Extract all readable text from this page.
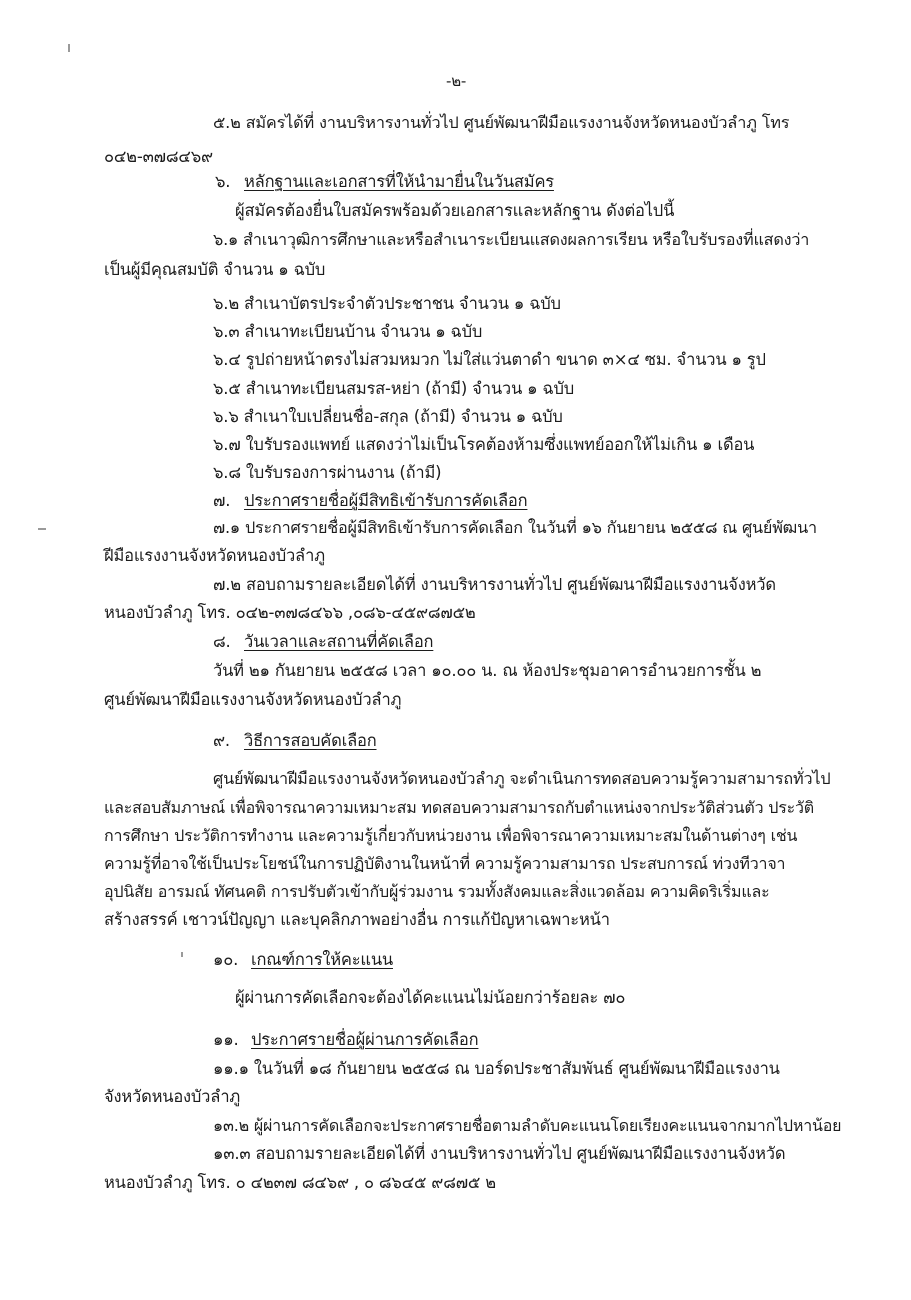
-๒-
๕.๒ สมัครได้ที่ งานบริหารงานทั่วไป ศูนย์พัฒนาฝีมือแรงงานจังหวัดหนองบัวลำภู โทร
๐๔๒-๓๗๘๔๖๙
๖. หลักฐานและเอกสารที่ให้นำมายื่นในวันสมัคร
ผู้สมัครต้องยื่นใบสมัครพร้อมด้วยเอกสารและหลักฐาน ดังต่อไปนี้
๖.๑ สำเนาวุฒิการศึกษาและหรือสำเนาระเบียนแสดงผลการเรียน หรือใบรับรองที่แสดงว่า
เป็นผู้มีคุณสมบัติ จำนวน ๑ ฉบับ
๖.๒ สำเนาบัตรประจำตัวประชาชน จำนวน ๑ ฉบับ
๖.๓ สำเนาทะเบียนบ้าน จำนวน ๑ ฉบับ
๖.๔ รูปถ่ายหน้าตรงไม่สวมหมวก ไม่ใส่แว่นตาดำ ขนาด ๓×๔ ซม. จำนวน ๑ รูป
๖.๕ สำเนาทะเบียนสมรส-หย่า (ถ้ามี) จำนวน ๑ ฉบับ
๖.๖ สำเนาใบเปลี่ยนชื่อ-สกุล (ถ้ามี) จำนวน ๑ ฉบับ
๖.๗ ใบรับรองแพทย์ แสดงว่าไม่เป็นโรคต้องห้ามซึ่งแพทย์ออกให้ไม่เกิน ๑ เดือน
๖.๘ ใบรับรองการผ่านงาน (ถ้ามี)
๗. ประกาศรายชื่อผู้มีสิทธิเข้ารับการคัดเลือก
๗.๑ ประกาศรายชื่อผู้มีสิทธิเข้ารับการคัดเลือก ในวันที่ ๑๖ กันยายน ๒๕๕๘ ณ ศูนย์พัฒนา
ฝีมือแรงงานจังหวัดหนองบัวลำภู
๗.๒ สอบถามรายละเอียดได้ที่ งานบริหารงานทั่วไป ศูนย์พัฒนาฝีมือแรงงานจังหวัด
หนองบัวลำภู โทร. ๐๔๒-๓๗๘๔๖๖ ,๐๘๖-๔๕๙๘๗๕๒
๘. วันเวลาและสถานที่คัดเลือก
วันที่ ๒๑ กันยายน ๒๕๕๘ เวลา ๑๐.๐๐ น. ณ ห้องประชุมอาคารอำนวยการชั้น ๒
ศูนย์พัฒนาฝีมือแรงงานจังหวัดหนองบัวลำภู
๙. วิธีการสอบคัดเลือก
ศูนย์พัฒนาฝีมือแรงงานจังหวัดหนองบัวลำภู จะดำเนินการทดสอบความรู้ความสามารถทั่วไป
และสอบสัมภาษณ์ เพื่อพิจารณาความเหมาะสม ทดสอบความสามารถกับตำแหน่งจากประวัติส่วนตัว ประวัติ
การศึกษา ประวัติการทำงาน และความรู้เกี่ยวกับหน่วยงาน เพื่อพิจารณาความเหมาะสมในด้านต่างๆ เช่น
ความรู้ที่อาจใช้เป็นประโยชน์ในการปฏิบัติงานในหน้าที่ ความรู้ความสามารถ ประสบการณ์ ท่วงทีวาจา
อุปนิสัย อารมณ์ ทัศนคติ การปรับตัวเข้ากับผู้ร่วมงาน รวมทั้งสังคมและสิ่งแวดล้อม ความคิดริเริ่มและ
สร้างสรรค์ เชาวน์ปัญญา และบุคลิกภาพอย่างอื่น การแก้ปัญหาเฉพาะหน้า
๑๐. เกณฑ์การให้คะแนน
ผู้ผ่านการคัดเลือกจะต้องได้คะแนนไม่น้อยกว่าร้อยละ ๗๐
๑๑. ประกาศรายชื่อผู้ผ่านการคัดเลือก
๑๑.๑ ในวันที่ ๑๘ กันยายน ๒๕๕๘ ณ บอร์ดประชาสัมพันธ์ ศูนย์พัฒนาฝีมือแรงงาน
จังหวัดหนองบัวลำภู
๑๓.๒ ผู้ผ่านการคัดเลือกจะประกาศรายชื่อตามลำดับคะแนนโดยเรียงคะแนนจากมากไปหาน้อย
๑๓.๓ สอบถามรายละเอียดได้ที่ งานบริหารงานทั่วไป ศูนย์พัฒนาฝีมือแรงงานจังหวัด
หนองบัวลำภู โทร. ๐ ๔๒๓๗ ๘๔๖๙ , ๐ ๘๖๔๕ ๙๘๗๕ ๒
